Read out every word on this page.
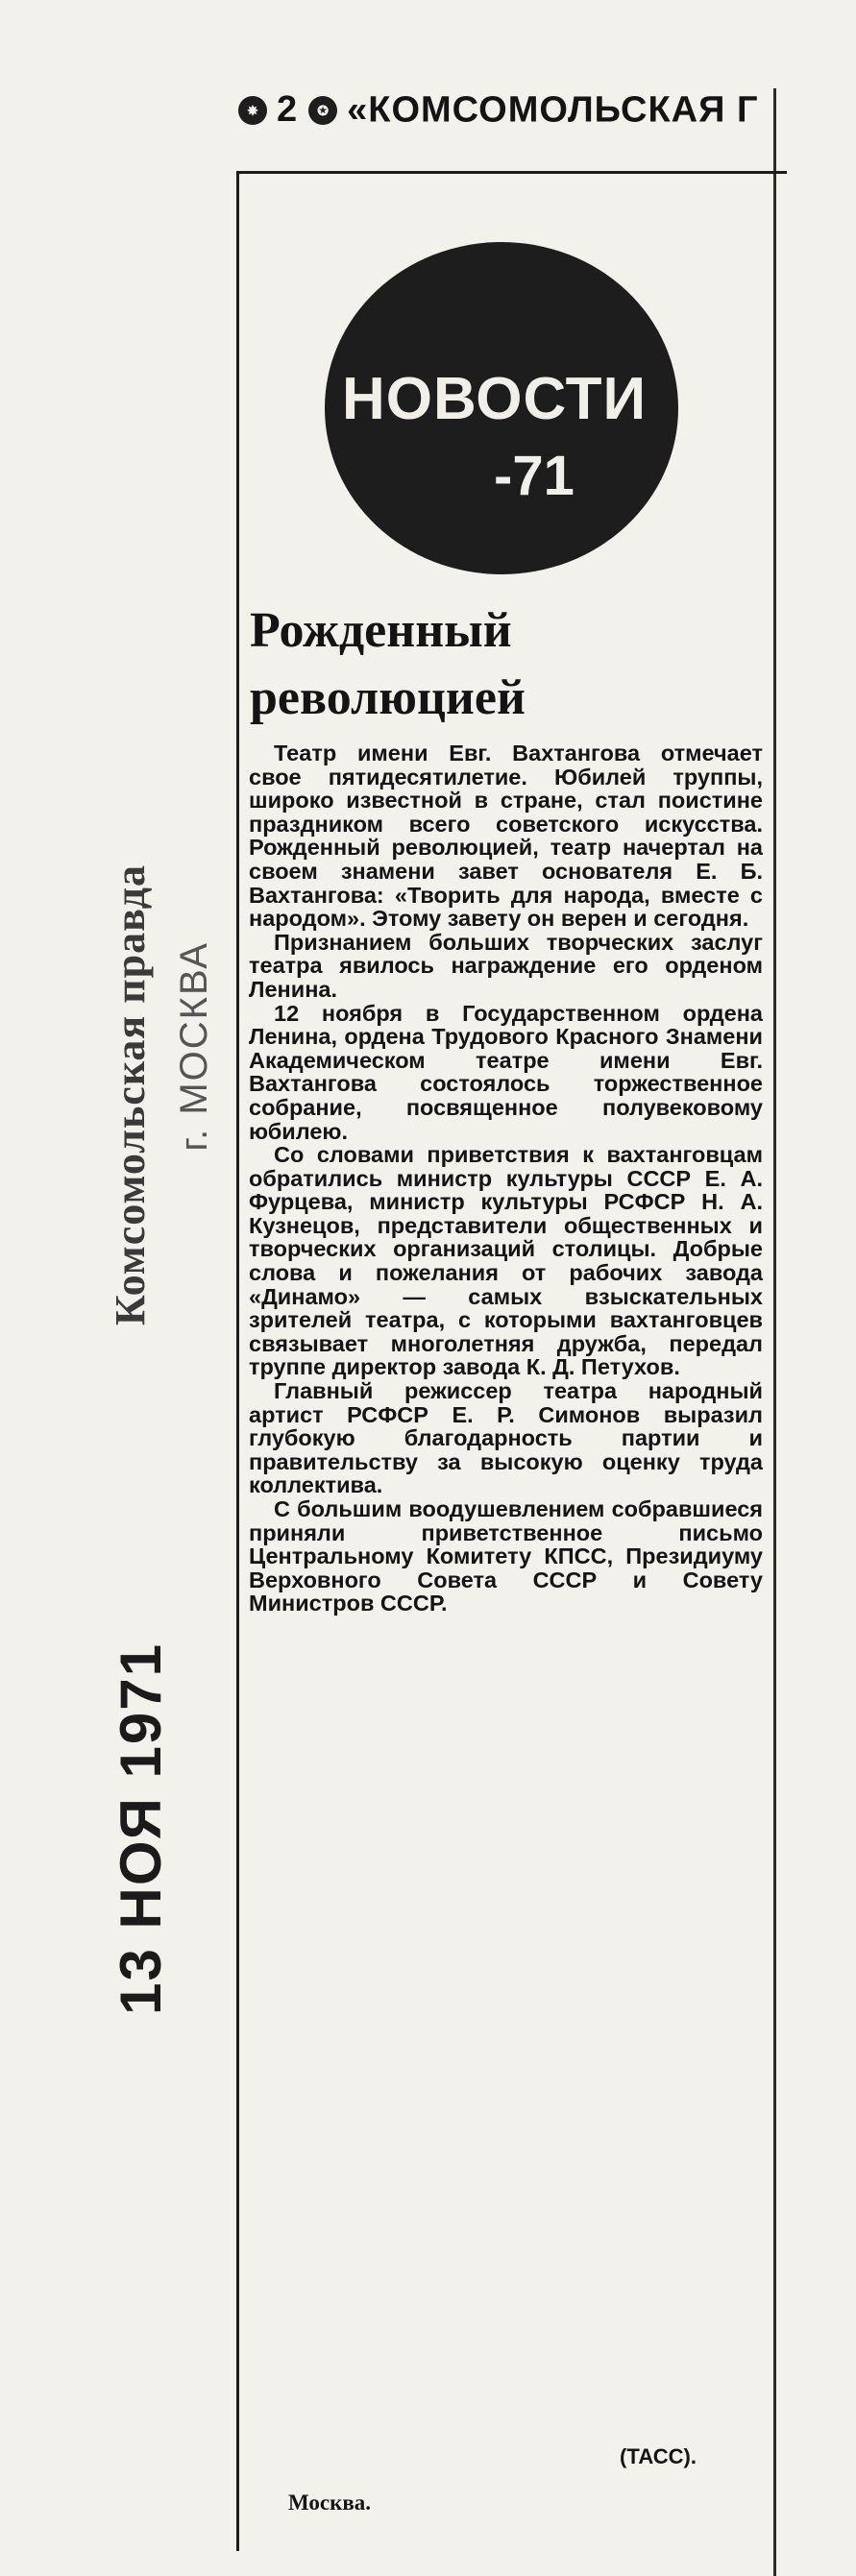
✸ 2	✪ «КОМСОМОЛЬСКАЯ Г
НОВОСТИ
-71
Рожденный
революцией

Театр имени Евг. Вахтангова отмечает свое пятидесятилетие. Юбилей труппы, широко известной в стране, стал поистине праздником всего советского искусства. Рожденный революцией, театр начертал на своем знамени завет основателя Е. Б. Вахтангова: «Творить для народа, вместе с народом». Этому завету он верен и сегодня.

Признанием больших творческих заслуг театра явилось награждение его орденом Ленина.

12 ноября в Государственном ордена Ленина, ордена Трудового Красного Знамени Академическом театре имени Евг. Вахтангова состоялось торжественное собрание, посвященное полувековому юбилею.

Со словами приветствия к вахтанговцам обратились министр культуры СССР Е. А. Фурцева, министр культуры РСФСР Н. А. Кузнецов, представители общественных и творческих организаций столицы. Добрые слова и пожелания от рабочих завода «Динамо» — самых взыскательных зрителей театра, с которыми вахтанговцев связывает многолетняя дружба, передал труппе директор завода К. Д. Петухов.

Главный режиссер театра народный артист РСФСР Е. Р. Симонов выразил глубокую благодарность партии и правительству за высокую оценку труда коллектива.

С большим воодушевлением собравшиеся приняли приветственное письмо Центральному Комитету КПСС, Президиуму Верховного Совета СССР и Совету Министров СССР.

(ТАСС).
Москва.
Комсомольская правда г. МОСКВА
13 НОЯ 1971
